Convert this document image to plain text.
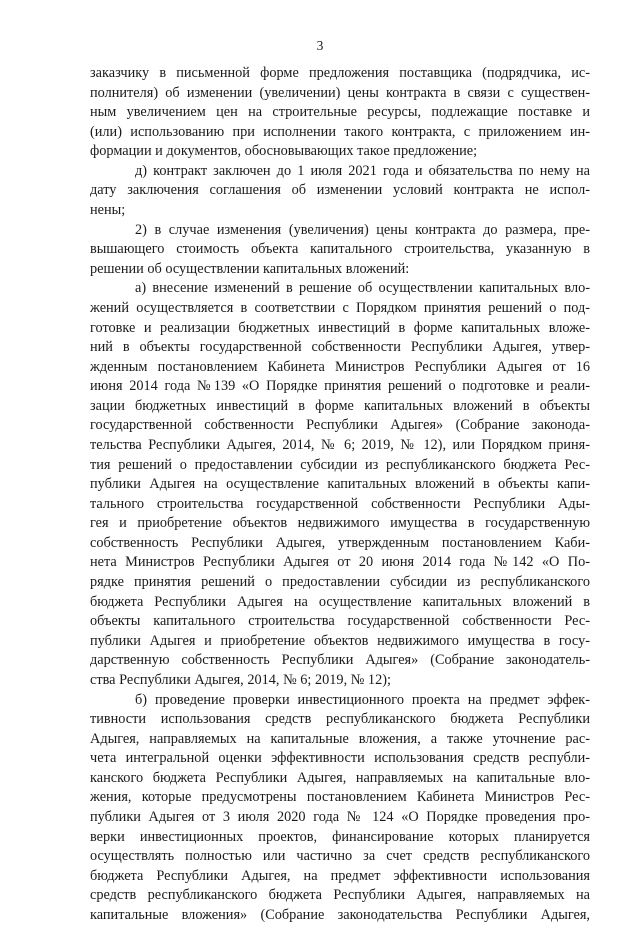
3
заказчику в письменной форме предложения поставщика (подрядчика, ис-
полнителя) об изменении (увеличении) цены контракта в связи с существен-
ным увеличением цен на строительные ресурсы, подлежащие поставке и
(или) использованию при исполнении такого контракта, с приложением ин-
формации и документов, обосновывающих такое предложение;
д) контракт заключен до 1 июля 2021 года и обязательства по нему на
дату заключения соглашения об изменении условий контракта не испол-
нены;
2) в случае изменения (увеличения) цены контракта до размера, пре-
вышающего стоимость объекта капитального строительства, указанную в
решении об осуществлении капитальных вложений:
а) внесение изменений в решение об осуществлении капитальных вло-
жений осуществляется в соответствии с Порядком принятия решений о под-
готовке и реализации бюджетных инвестиций в форме капитальных вложе-
ний в объекты государственной собственности Республики Адыгея, утвер-
жденным постановлением Кабинета Министров Республики Адыгея от 16
июня 2014 года №139 «О Порядке принятия решений о подготовке и реали-
зации бюджетных инвестиций в форме капитальных вложений в объекты
государственной собственности Республики Адыгея» (Собрание законода-
тельства Республики Адыгея, 2014, № 6; 2019, № 12), или Порядком приня-
тия решений о предоставлении субсидии из республиканского бюджета Рес-
публики Адыгея на осуществление капитальных вложений в объекты капи-
тального строительства государственной собственности Республики Ады-
гея и приобретение объектов недвижимого имущества в государственную
собственность Республики Адыгея, утвержденным постановлением Каби-
нета Министров Республики Адыгея от 20 июня 2014 года №142 «О По-
рядке принятия решений о предоставлении субсидии из республиканского
бюджета Республики Адыгея на осуществление капитальных вложений в
объекты капитального строительства государственной собственности Рес-
публики Адыгея и приобретение объектов недвижимого имущества в госу-
дарственную собственность Республики Адыгея» (Собрание законодатель-
ства Республики Адыгея, 2014, № 6; 2019, № 12);
б) проведение проверки инвестиционного проекта на предмет эффек-
тивности использования средств республиканского бюджета Республики
Адыгея, направляемых на капитальные вложения, а также уточнение рас-
чета интегральной оценки эффективности использования средств республи-
канского бюджета Республики Адыгея, направляемых на капитальные вло-
жения, которые предусмотрены постановлением Кабинета Министров Рес-
публики Адыгея от 3 июля 2020 года № 124 «О Порядке проведения про-
верки инвестиционных проектов, финансирование которых планируется
осуществлять полностью или частично за счет средств республиканского
бюджета Республики Адыгея, на предмет эффективности использования
средств республиканского бюджета Республики Адыгея, направляемых на
капитальные вложения» (Собрание законодательства Республики Адыгея,
